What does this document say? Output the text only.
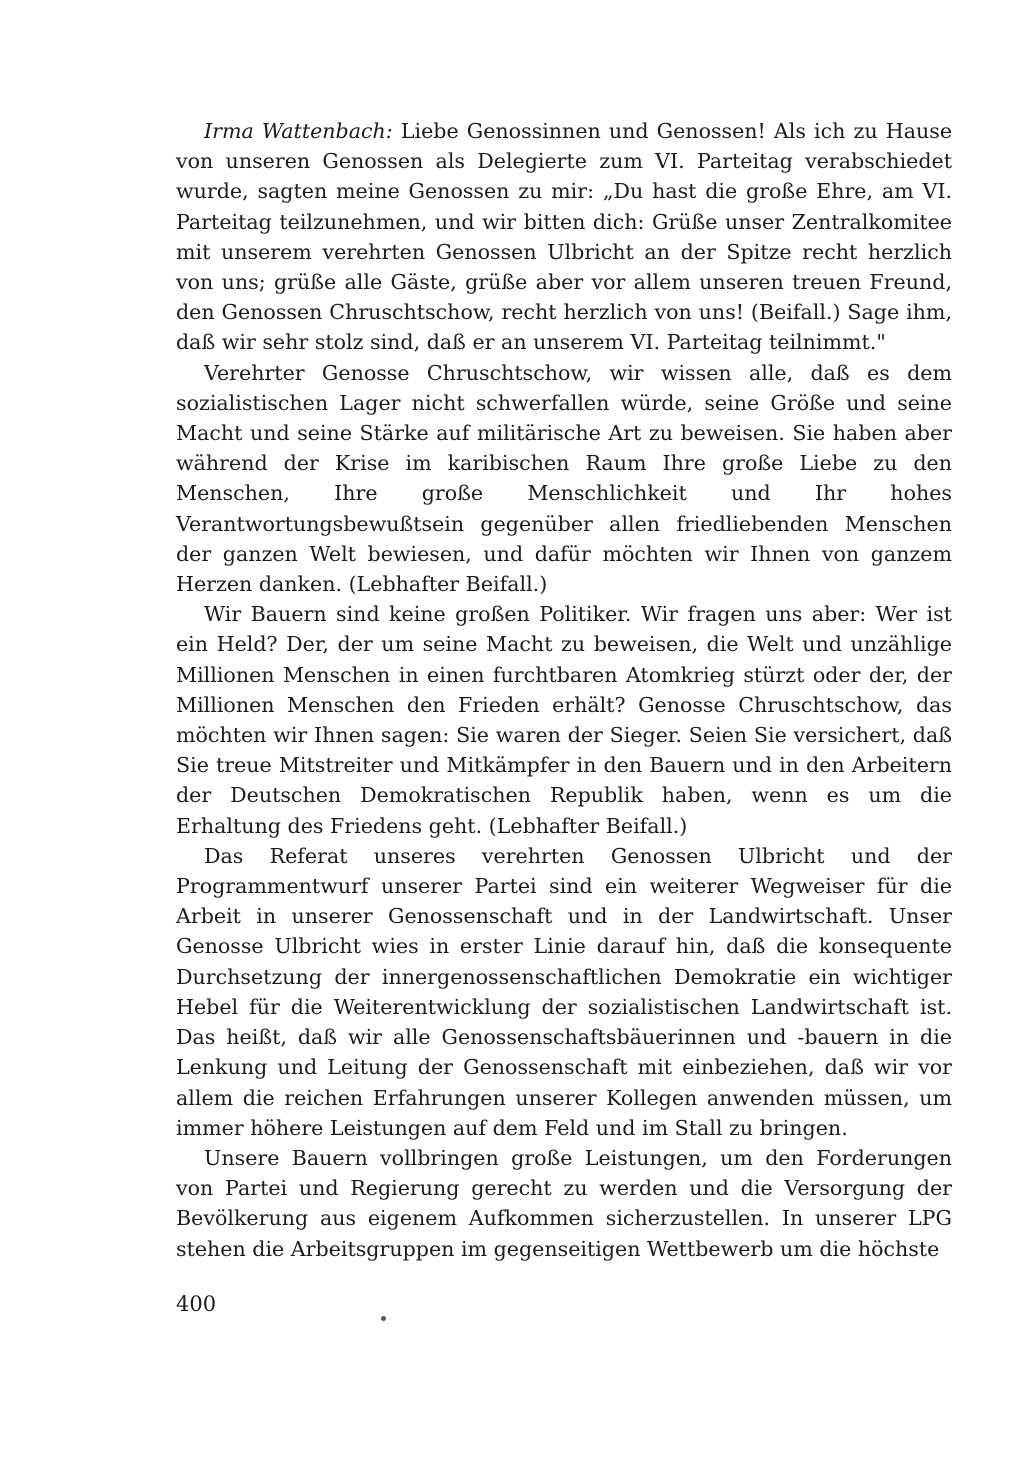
Irma Wattenbach: Liebe Genossinnen und Genossen! Als ich zu Hause von unseren Genossen als Delegierte zum VI. Parteitag verabschiedet wurde, sagten meine Genossen zu mir: „Du hast die große Ehre, am VI. Parteitag teilzunehmen, und wir bitten dich: Grüße unser Zentralkomitee mit unserem verehrten Genossen Ulbricht an der Spitze recht herzlich von uns; grüße alle Gäste, grüße aber vor allem unseren treuen Freund, den Genossen Chruschtschow, recht herzlich von uns! (Beifall.) Sage ihm, daß wir sehr stolz sind, daß er an unserem VI. Parteitag teilnimmt."

Verehrter Genosse Chruschtschow, wir wissen alle, daß es dem sozialistischen Lager nicht schwerfallen würde, seine Größe und seine Macht und seine Stärke auf militärische Art zu beweisen. Sie haben aber während der Krise im karibischen Raum Ihre große Liebe zu den Menschen, Ihre große Menschlichkeit und Ihr hohes Verantwortungsbewußtsein gegenüber allen friedliebenden Menschen der ganzen Welt bewiesen, und dafür möchten wir Ihnen von ganzem Herzen danken. (Lebhafter Beifall.)

Wir Bauern sind keine großen Politiker. Wir fragen uns aber: Wer ist ein Held? Der, der um seine Macht zu beweisen, die Welt und unzählige Millionen Menschen in einen furchtbaren Atomkrieg stürzt oder der, der Millionen Menschen den Frieden erhält? Genosse Chruschtschow, das möchten wir Ihnen sagen: Sie waren der Sieger. Seien Sie versichert, daß Sie treue Mitstreiter und Mitkämpfer in den Bauern und in den Arbeitern der Deutschen Demokratischen Republik haben, wenn es um die Erhaltung des Friedens geht. (Lebhafter Beifall.)

Das Referat unseres verehrten Genossen Ulbricht und der Programmentwurf unserer Partei sind ein weiterer Wegweiser für die Arbeit in unserer Genossenschaft und in der Landwirtschaft. Unser Genosse Ulbricht wies in erster Linie darauf hin, daß die konsequente Durchsetzung der innergenossenschaftlichen Demokratie ein wichtiger Hebel für die Weiterentwicklung der sozialistischen Landwirtschaft ist. Das heißt, daß wir alle Genossenschaftsbäuerinnen und -bauern in die Lenkung und Leitung der Genossenschaft mit einbeziehen, daß wir vor allem die reichen Erfahrungen unserer Kollegen anwenden müssen, um immer höhere Leistungen auf dem Feld und im Stall zu bringen.

Unsere Bauern vollbringen große Leistungen, um den Forderungen von Partei und Regierung gerecht zu werden und die Versorgung der Bevölkerung aus eigenem Aufkommen sicherzustellen. In unserer LPG stehen die Arbeitsgruppen im gegenseitigen Wettbewerb um die höchste

400
